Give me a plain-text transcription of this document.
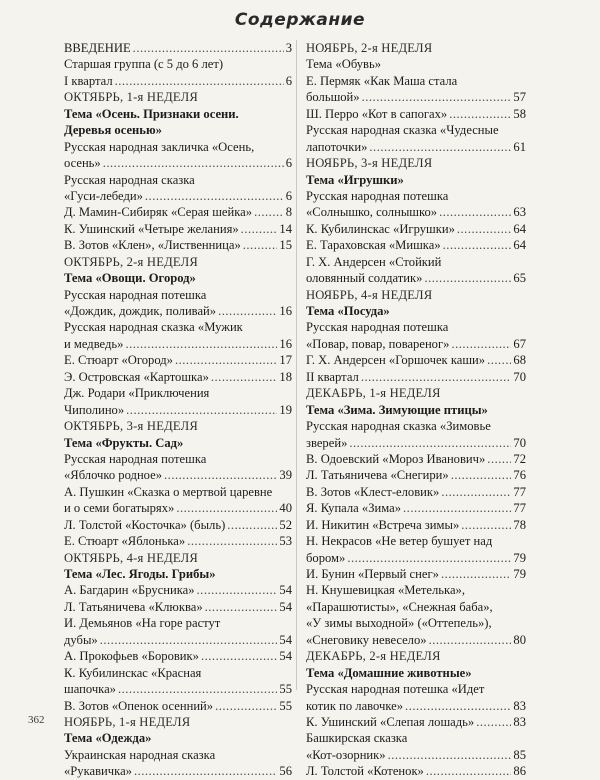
Содержание
ВВЕДЕНИЕ .....	3
Старшая группа (с 5 до 6 лет)
I квартал .....	6
ОКТЯБРЬ, 1-я НЕДЕЛЯ
Тема «Осень. Признаки осени.
Деревья осенью»
Русская народная закличка «Осень,
осень» .....	6
Русская народная сказка
«Гуси-лебеди» .....	6
Д. Мамин-Сибиряк «Серая шейка» .....	8
К. Ушинский «Четыре желания» .....	14
В. Зотов «Клен», «Лиственница» .....	15
ОКТЯБРЬ, 2-я НЕДЕЛЯ
Тема «Овощи. Огород»
Русская народная потешка
«Дождик, дождик, поливай» .....	16
Русская народная сказка «Мужик
и медведь» .....	16
Е. Стюарт «Огород» .....	17
Э. Островская «Картошка» .....	18
Дж. Родари «Приключения
Чиполино» .....	19
ОКТЯБРЬ, 3-я НЕДЕЛЯ
Тема «Фрукты. Сад»
Русская народная потешка
«Яблочко родное» .....	39
А. Пушкин «Сказка о мертвой царевне
и о семи богатырях» .....	40
Л. Толстой «Косточка» (быль) .....	52
Е. Стюарт «Яблонька» .....	53
ОКТЯБРЬ, 4-я НЕДЕЛЯ
Тема «Лес. Ягоды. Грибы»
А. Багдарин «Брусника» .....	54
Л. Татьяничева «Клюква» .....	54
И. Демьянов «На горе растут
дубы» .....	54
А. Прокофьев «Боровик» .....	54
К. Кубилинскас «Красная
шапочка» .....	55
В. Зотов «Опенок осенний» .....	55
НОЯБРЬ, 1-я НЕДЕЛЯ
Тема «Одежда»
Украинская народная сказка
«Рукавичка» .....	56
НОЯБРЬ, 2-я НЕДЕЛЯ
Тема «Обувь»
Е. Пермяк «Как Маша стала
большой» .....	57
Ш. Перро «Кот в сапогах» .....	58
Русская народная сказка «Чудесные
лапоточки» .....	61
НОЯБРЬ, 3-я НЕДЕЛЯ
Тема «Игрушки»
Русская народная потешка
«Солнышко, солнышко» .....	63
К. Кубилинскас «Игрушки» .....	64
Е. Тараховская «Мишка» .....	64
Г. Х. Андерсен «Стойкий
оловянный солдатик» .....	65
НОЯБРЬ, 4-я НЕДЕЛЯ
Тема «Посуда»
Русская народная потешка
«Повар, повар, повареног» .....	67
Г. Х. Андерсен «Горшочек каши» ..... 68
II квартал .....	70
ДЕКАБРЬ, 1-я НЕДЕЛЯ
Тема «Зима. Зимующие птицы»
Русская народная сказка «Зимовье
зверей» .....	70
В. Одоевский «Мороз Иванович» ..... 72
Л. Татьяничева «Снегири» .....	76
В. Зотов «Клест-еловик» .....	77
Я. Купала «Зима» .....	77
И. Никитин «Встреча зимы» .....	78
Н. Некрасов «Не ветер бушует над
бором» .....	79
И. Бунин «Первый снег» .....	79
Н. Кнушевицкая «Метелька»,
«Парашютисты», «Снежная баба»,
«У зимы выходной» («Оттепель»),
«Снеговику невесело» .....	80
ДЕКАБРЬ, 2-я НЕДЕЛЯ
Тема «Домашние животные»
Русская народная потешка «Идет
котик по лавочке» .....	83
К. Ушинский «Слепая лошадь» .....	83
Башкирская сказка
«Кот-озорник» .....	85
Л. Толстой «Котенок» .....	86
362
